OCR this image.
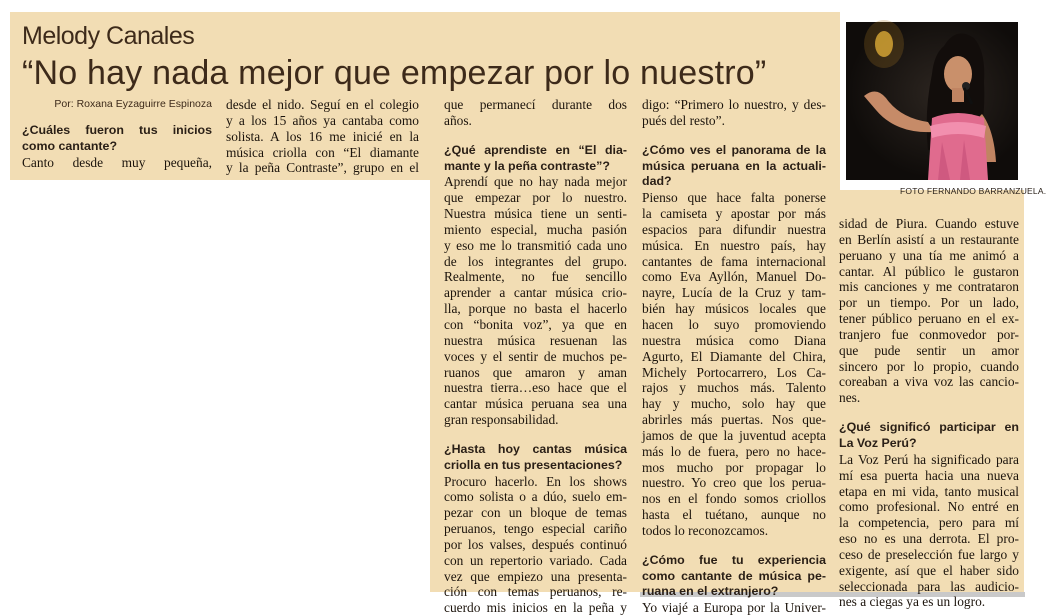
Melody Canales
“No hay nada mejor que empezar por lo nuestro”

FOTO FERNANDO BARRANZUELA.

Por: Roxana Eyzaguirre Espinoza

¿Cuáles fueron tus inicios
como cantante?

Canto desde muy pequeña,

desde el nido. Seguí en el colegio
y a los 15 años ya cantaba como
solista. A los 16 me inicié en la
música criolla con “El diamante
y la peña Contraste”, grupo en el

que permanecí durante dos
años.

¿Qué aprendiste en “El dia-
mante y la peña contraste”?

Aprendí que no hay nada mejor
que empezar por lo nuestro.
Nuestra música tiene un senti-
miento especial, mucha pasión
y eso me lo transmitió cada uno
de los integrantes del grupo.
Realmente, no fue sencillo
aprender a cantar música crio-
lla, porque no basta el hacerlo
con “bonita voz”, ya que en
nuestra música resuenan las
voces y el sentir de muchos pe-
ruanos que amaron y aman
nuestra tierra…eso hace que el
cantar música peruana sea una
gran responsabilidad.

¿Hasta hoy cantas música
criolla en tus presentaciones?

Procuro hacerlo. En los shows
como solista o a dúo, suelo em-
pezar con un bloque de temas
peruanos, tengo especial cariño
por los valses, después continuó
con un repertorio variado. Cada
vez que empiezo una presenta-
ción con temas peruanos, re-
cuerdo mis inicios en la peña y

digo: “Primero lo nuestro, y des-
pués del resto”.

¿Cómo ves el panorama de la
música peruana en la actuali-
dad?

Pienso que hace falta ponerse
la camiseta y apostar por más
espacios para difundir nuestra
música. En nuestro país, hay
cantantes de fama internacional
como Eva Ayllón, Manuel Do-
nayre, Lucía de la Cruz y tam-
bién hay músicos locales que
hacen lo suyo promoviendo
nuestra música como Diana
Agurto, El Diamante del Chira,
Michely Portocarrero, Los Ca-
rajos y muchos más. Talento
hay y mucho, solo hay que
abrirles más puertas. Nos que-
jamos de que la juventud acepta
más lo de fuera, pero no hace-
mos mucho por propagar lo
nuestro. Yo creo que los perua-
nos en el fondo somos criollos
hasta el tuétano, aunque no
todos lo reconozcamos.

¿Cómo fue tu experiencia
como cantante de música pe-
ruana en el extranjero?

Yo viajé a Europa por la Univer-

sidad de Piura. Cuando estuve
en Berlín asistí a un restaurante
peruano y una tía me animó a
cantar. Al público le gustaron
mis canciones y me contrataron
por un tiempo. Por un lado,
tener público peruano en el ex-
tranjero fue conmovedor por-
que pude sentir un amor
sincero por lo propio, cuando
coreaban a viva voz las cancio-
nes.

¿Qué significó participar en
La Voz Perú?

La Voz Perú ha significado para
mí esa puerta hacia una nueva
etapa en mi vida, tanto musical
como profesional. No entré en
la competencia, pero para mí
eso no es una derrota. El pro-
ceso de preselección fue largo y
exigente, así que el haber sido
seleccionada para las audicio-
nes a ciegas ya es un logro.
